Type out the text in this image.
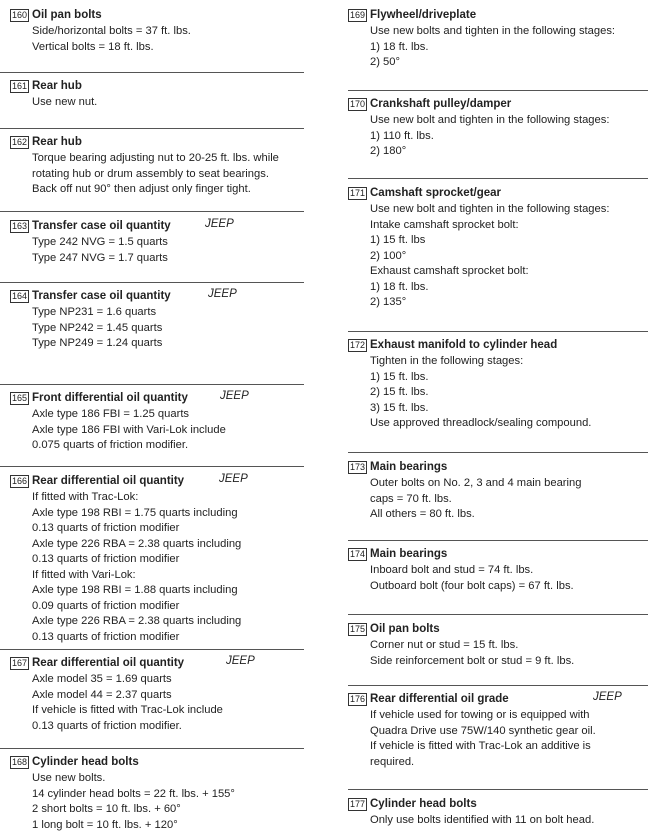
160 Oil pan bolts
Side/horizontal bolts = 37 ft. lbs.
Vertical bolts = 18 ft. lbs.
161 Rear hub
Use new nut.
162 Rear hub
Torque bearing adjusting nut to 20-25 ft. lbs. while
rotating hub or drum assembly to seat bearings.
Back off nut 90° then adjust only finger tight.
163 Transfer case oil quantity	JEEP
Type 242 NVG = 1.5 quarts
Type 247 NVG = 1.7 quarts
164 Transfer case oil quantity	JEEP
Type NP231 = 1.6 quarts
Type NP242 = 1.45 quarts
Type NP249 = 1.24 quarts
165 Front differential oil quantity	JEEP
Axle type 186 FBI = 1.25 quarts
Axle type 186 FBI with Vari-Lok include
0.075 quarts of friction modifier.
166 Rear differential oil quantity	JEEP
If fitted with Trac-Lok:
Axle type 198 RBI = 1.75 quarts including
0.13 quarts of friction modifier
Axle type 226 RBA = 2.38 quarts including
0.13 quarts of friction modifier
If fitted with Vari-Lok:
Axle type 198 RBI = 1.88 quarts including
0.09 quarts of friction modifier
Axle type 226 RBA = 2.38 quarts including
0.13 quarts of friction modifier
167 Rear differential oil quantity	JEEP
Axle model 35 = 1.69 quarts
Axle model 44 = 2.37 quarts
If vehicle is fitted with Trac-Lok include
0.13 quarts of friction modifier.
168 Cylinder head bolts
Use new bolts.
14 cylinder head bolts = 22 ft. lbs. + 155°
2 short bolts = 10 ft. lbs. + 60°
1 long bolt = 10 ft. lbs. + 120°
169 Flywheel/driveplate
Use new bolts and tighten in the following stages:
1) 18 ft. lbs.
2) 50°
170 Crankshaft pulley/damper
Use new bolt and tighten in the following stages:
1) 110 ft. lbs.
2) 180°
171 Camshaft sprocket/gear
Use new bolt and tighten in the following stages:
Intake camshaft sprocket bolt:
1) 15 ft. lbs
2) 100°
Exhaust camshaft sprocket bolt:
1) 18 ft. lbs.
2) 135°
172 Exhaust manifold to cylinder head
Tighten in the following stages:
1) 15 ft. lbs.
2) 15 ft. lbs.
3) 15 ft. lbs.
Use approved threadlock/sealing compound.
173 Main bearings
Outer bolts on No. 2, 3 and 4 main bearing
caps = 70 ft. lbs.
All others = 80 ft. lbs.
174 Main bearings
Inboard bolt and stud = 74 ft. lbs.
Outboard bolt (four bolt caps) = 67 ft. lbs.
175 Oil pan bolts
Corner nut or stud = 15 ft. lbs.
Side reinforcement bolt or stud = 9 ft. lbs.
176 Rear differential oil grade	JEEP
If vehicle used for towing or is equipped with
Quadra Drive use 75W/140 synthetic gear oil.
If vehicle is fitted with Trac-Lok an additive is
required.
177 Cylinder head bolts
Only use bolts identified with 11 on bolt head.
